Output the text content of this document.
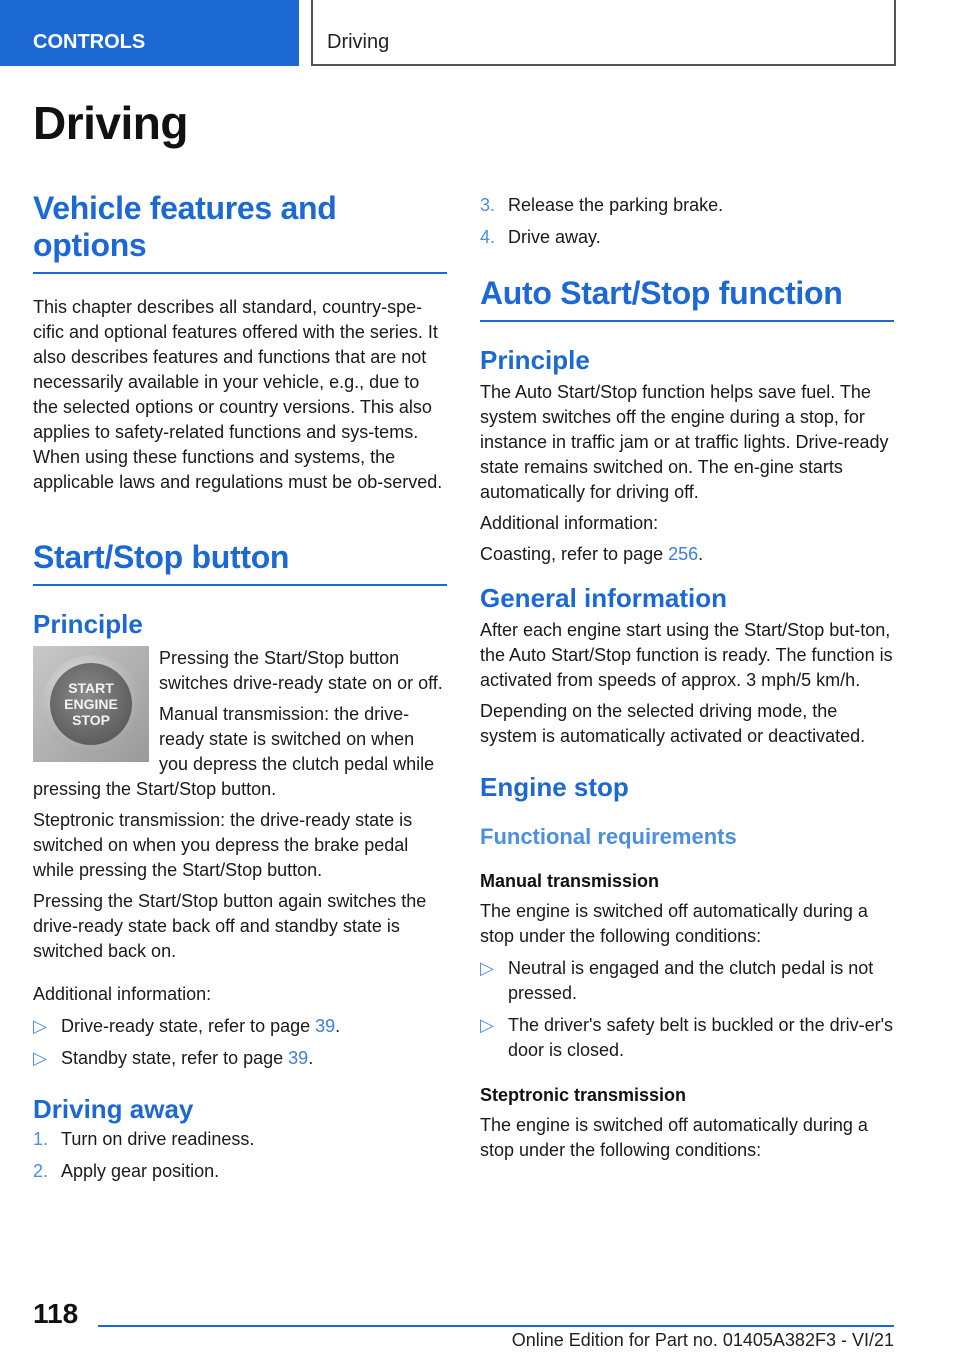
CONTROLS	Driving
Driving
Vehicle features and options

This chapter describes all standard, country-spe-cific and optional features offered with the series. It also describes features and functions that are not necessarily available in your vehicle, e.g., due to the selected options or country versions. This also applies to safety-related functions and sys-tems. When using these functions and systems, the applicable laws and regulations must be ob-served.

Start/Stop button
Principle
START
ENGINE
STOP

Pressing the Start/Stop button switches drive-ready state on or off.

Manual transmission: the drive-ready state is switched on when you depress the clutch pedal while pressing the Start/Stop button.

Steptronic transmission: the drive-ready state is switched on when you depress the brake pedal while pressing the Start/Stop button.

Pressing the Start/Stop button again switches the drive-ready state back off and standby state is switched back on.

Additional information:

▷ Drive-ready state, refer to page 39.
▷ Standby state, refer to page 39.
Driving away
1. Turn on drive readiness.
2. Apply gear position.
3. Release the parking brake.
4. Drive away.
Auto Start/Stop function
Principle

The Auto Start/Stop function helps save fuel. The system switches off the engine during a stop, for instance in traffic jam or at traffic lights. Drive-ready state remains switched on. The en-gine starts automatically for driving off.

Additional information:

Coasting, refer to page 256.

General information

After each engine start using the Start/Stop but-ton, the Auto Start/Stop function is ready. The function is activated from speeds of approx. 3 mph/5 km/h.

Depending on the selected driving mode, the system is automatically activated or deactivated.

Engine stop
Functional requirements
Manual transmission

The engine is switched off automatically during a stop under the following conditions:

▷ Neutral is engaged and the clutch pedal is not pressed.
▷ The driver's safety belt is buckled or the driv-er's door is closed.
Steptronic transmission

The engine is switched off automatically during a stop under the following conditions:

118
Online Edition for Part no. 01405A382F3 - VI/21
